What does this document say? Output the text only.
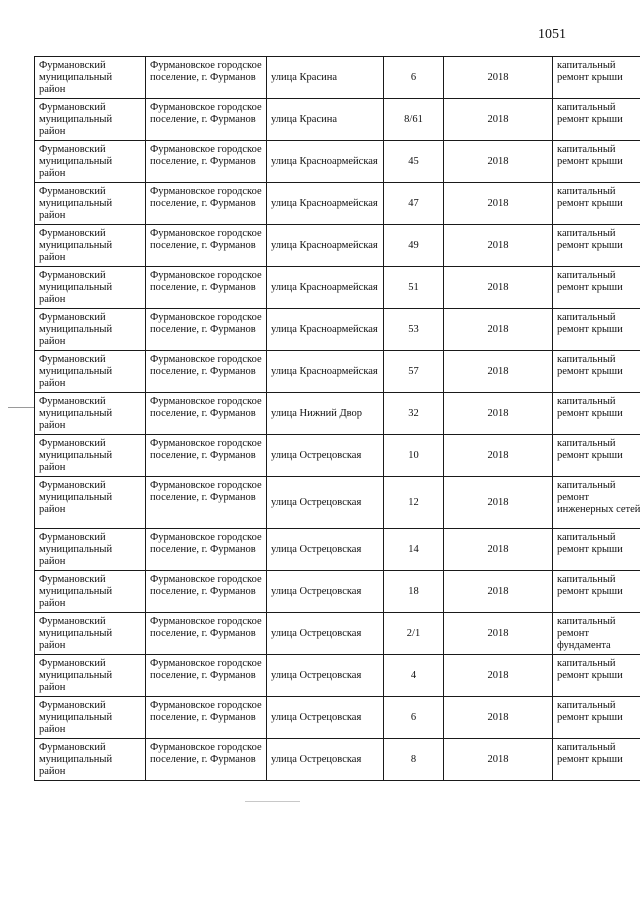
1051
Фурмановский муниципальный район	Фурмановское городское поселение, г. Фурманов	улица Красина	6	2018	капитальный ремонт крыши
Фурмановский муниципальный район	Фурмановское городское поселение, г. Фурманов	улица Красина	8/61	2018	капитальный ремонт крыши
Фурмановский муниципальный район	Фурмановское городское поселение, г. Фурманов	улица Красноармейская	45	2018	капитальный ремонт крыши
Фурмановский муниципальный район	Фурмановское городское поселение, г. Фурманов	улица Красноармейская	47	2018	капитальный ремонт крыши
Фурмановский муниципальный район	Фурмановское городское поселение, г. Фурманов	улица Красноармейская	49	2018	капитальный ремонт крыши
Фурмановский муниципальный район	Фурмановское городское поселение, г. Фурманов	улица Красноармейская	51	2018	капитальный ремонт крыши
Фурмановский муниципальный район	Фурмановское городское поселение, г. Фурманов	улица Красноармейская	53	2018	капитальный ремонт крыши
Фурмановский муниципальный район	Фурмановское городское поселение, г. Фурманов	улица Красноармейская	57	2018	капитальный ремонт крыши
Фурмановский муниципальный район	Фурмановское городское поселение, г. Фурманов	улица Нижний Двор	32	2018	капитальный ремонт крыши
Фурмановский муниципальный район	Фурмановское городское поселение, г. Фурманов	улица Острецовская	10	2018	капитальный ремонт крыши
Фурмановский муниципальный район	Фурмановское городское поселение, г. Фурманов	улица Острецовская	12	2018	капитальный ремонт инженерных сетей
Фурмановский муниципальный район	Фурмановское городское поселение, г. Фурманов	улица Острецовская	14	2018	капитальный ремонт крыши
Фурмановский муниципальный район	Фурмановское городское поселение, г. Фурманов	улица Острецовская	18	2018	капитальный ремонт крыши
Фурмановский муниципальный район	Фурмановское городское поселение, г. Фурманов	улица Острецовская	2/1	2018	капитальный ремонт фундамента
Фурмановский муниципальный район	Фурмановское городское поселение, г. Фурманов	улица Острецовская	4	2018	капитальный ремонт крыши
Фурмановский муниципальный район	Фурмановское городское поселение, г. Фурманов	улица Острецовская	6	2018	капитальный ремонт крыши
Фурмановский муниципальный район	Фурмановское городское поселение, г. Фурманов	улица Острецовская	8	2018	капитальный ремонт крыши
